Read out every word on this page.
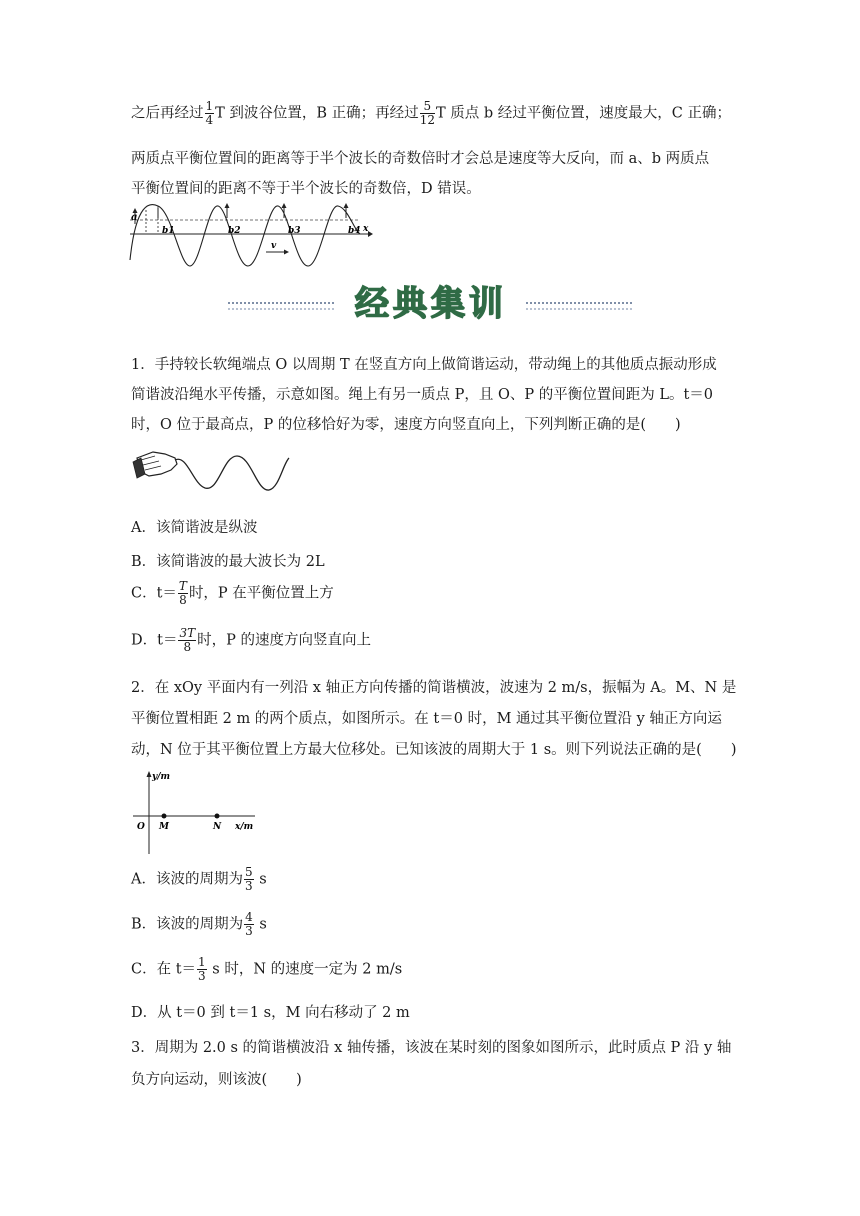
之后再经过 $\frac{1}{4}$ T 到波谷位置，B 正确；再经过 $\frac{5}{12}$ T 质点 b 经过平衡位置，速度最大，C 正确；
两质点平衡位置间的距离等于半个波长的奇数倍时才会总是速度等大反向，而 a、b 两质点
平衡位置间的距离不等于半个波长的奇数倍，D 错误。
a
b1	b2	b3	b4
v
x
经典集训
1．手持较长软绳端点 O 以周期 T 在竖直方向上做简谐运动，带动绳上的其他质点振动形成
简谐波沿绳水平传播，示意如图。绳上有另一质点 P，且 O、P 的平衡位置间距为 L。t＝0
时，O 位于最高点，P 的位移恰好为零，速度方向竖直向上，下列判断正确的是(　　)
A．该简谐波是纵波
B．该简谐波的最大波长为 2L
C．$t= \frac{T}{8}$ 时，P 在平衡位置上方
D．$t= \frac{3T}{8}$ 时，P 的速度方向竖直向上
2．在 xOy 平面内有一列沿 x 轴正方向传播的简谐横波，波速为 2 m/s，振幅为 A。M、N 是
平衡位置相距 2 m 的两个质点，如图所示。在 t＝0 时，M 通过其平衡位置沿 y 轴正方向运
动，N 位于其平衡位置上方最大位移处。已知该波的周期大于 1 s。则下列说法正确的是(　　)
y/m
x/m
O M	N
A．该波的周期为 $\frac{5}{3}$ s
B．该波的周期为 $\frac{4}{3}$ s
C．在 $t= \frac{1}{3}$ s 时，N 的速度一定为 2 m/s
D．从 t＝0 到 t＝1 s，M 向右移动了 2 m
3．周期为 2.0 s 的简谐横波沿 x 轴传播，该波在某时刻的图象如图所示，此时质点 P 沿 y 轴
负方向运动，则该波(　　)
